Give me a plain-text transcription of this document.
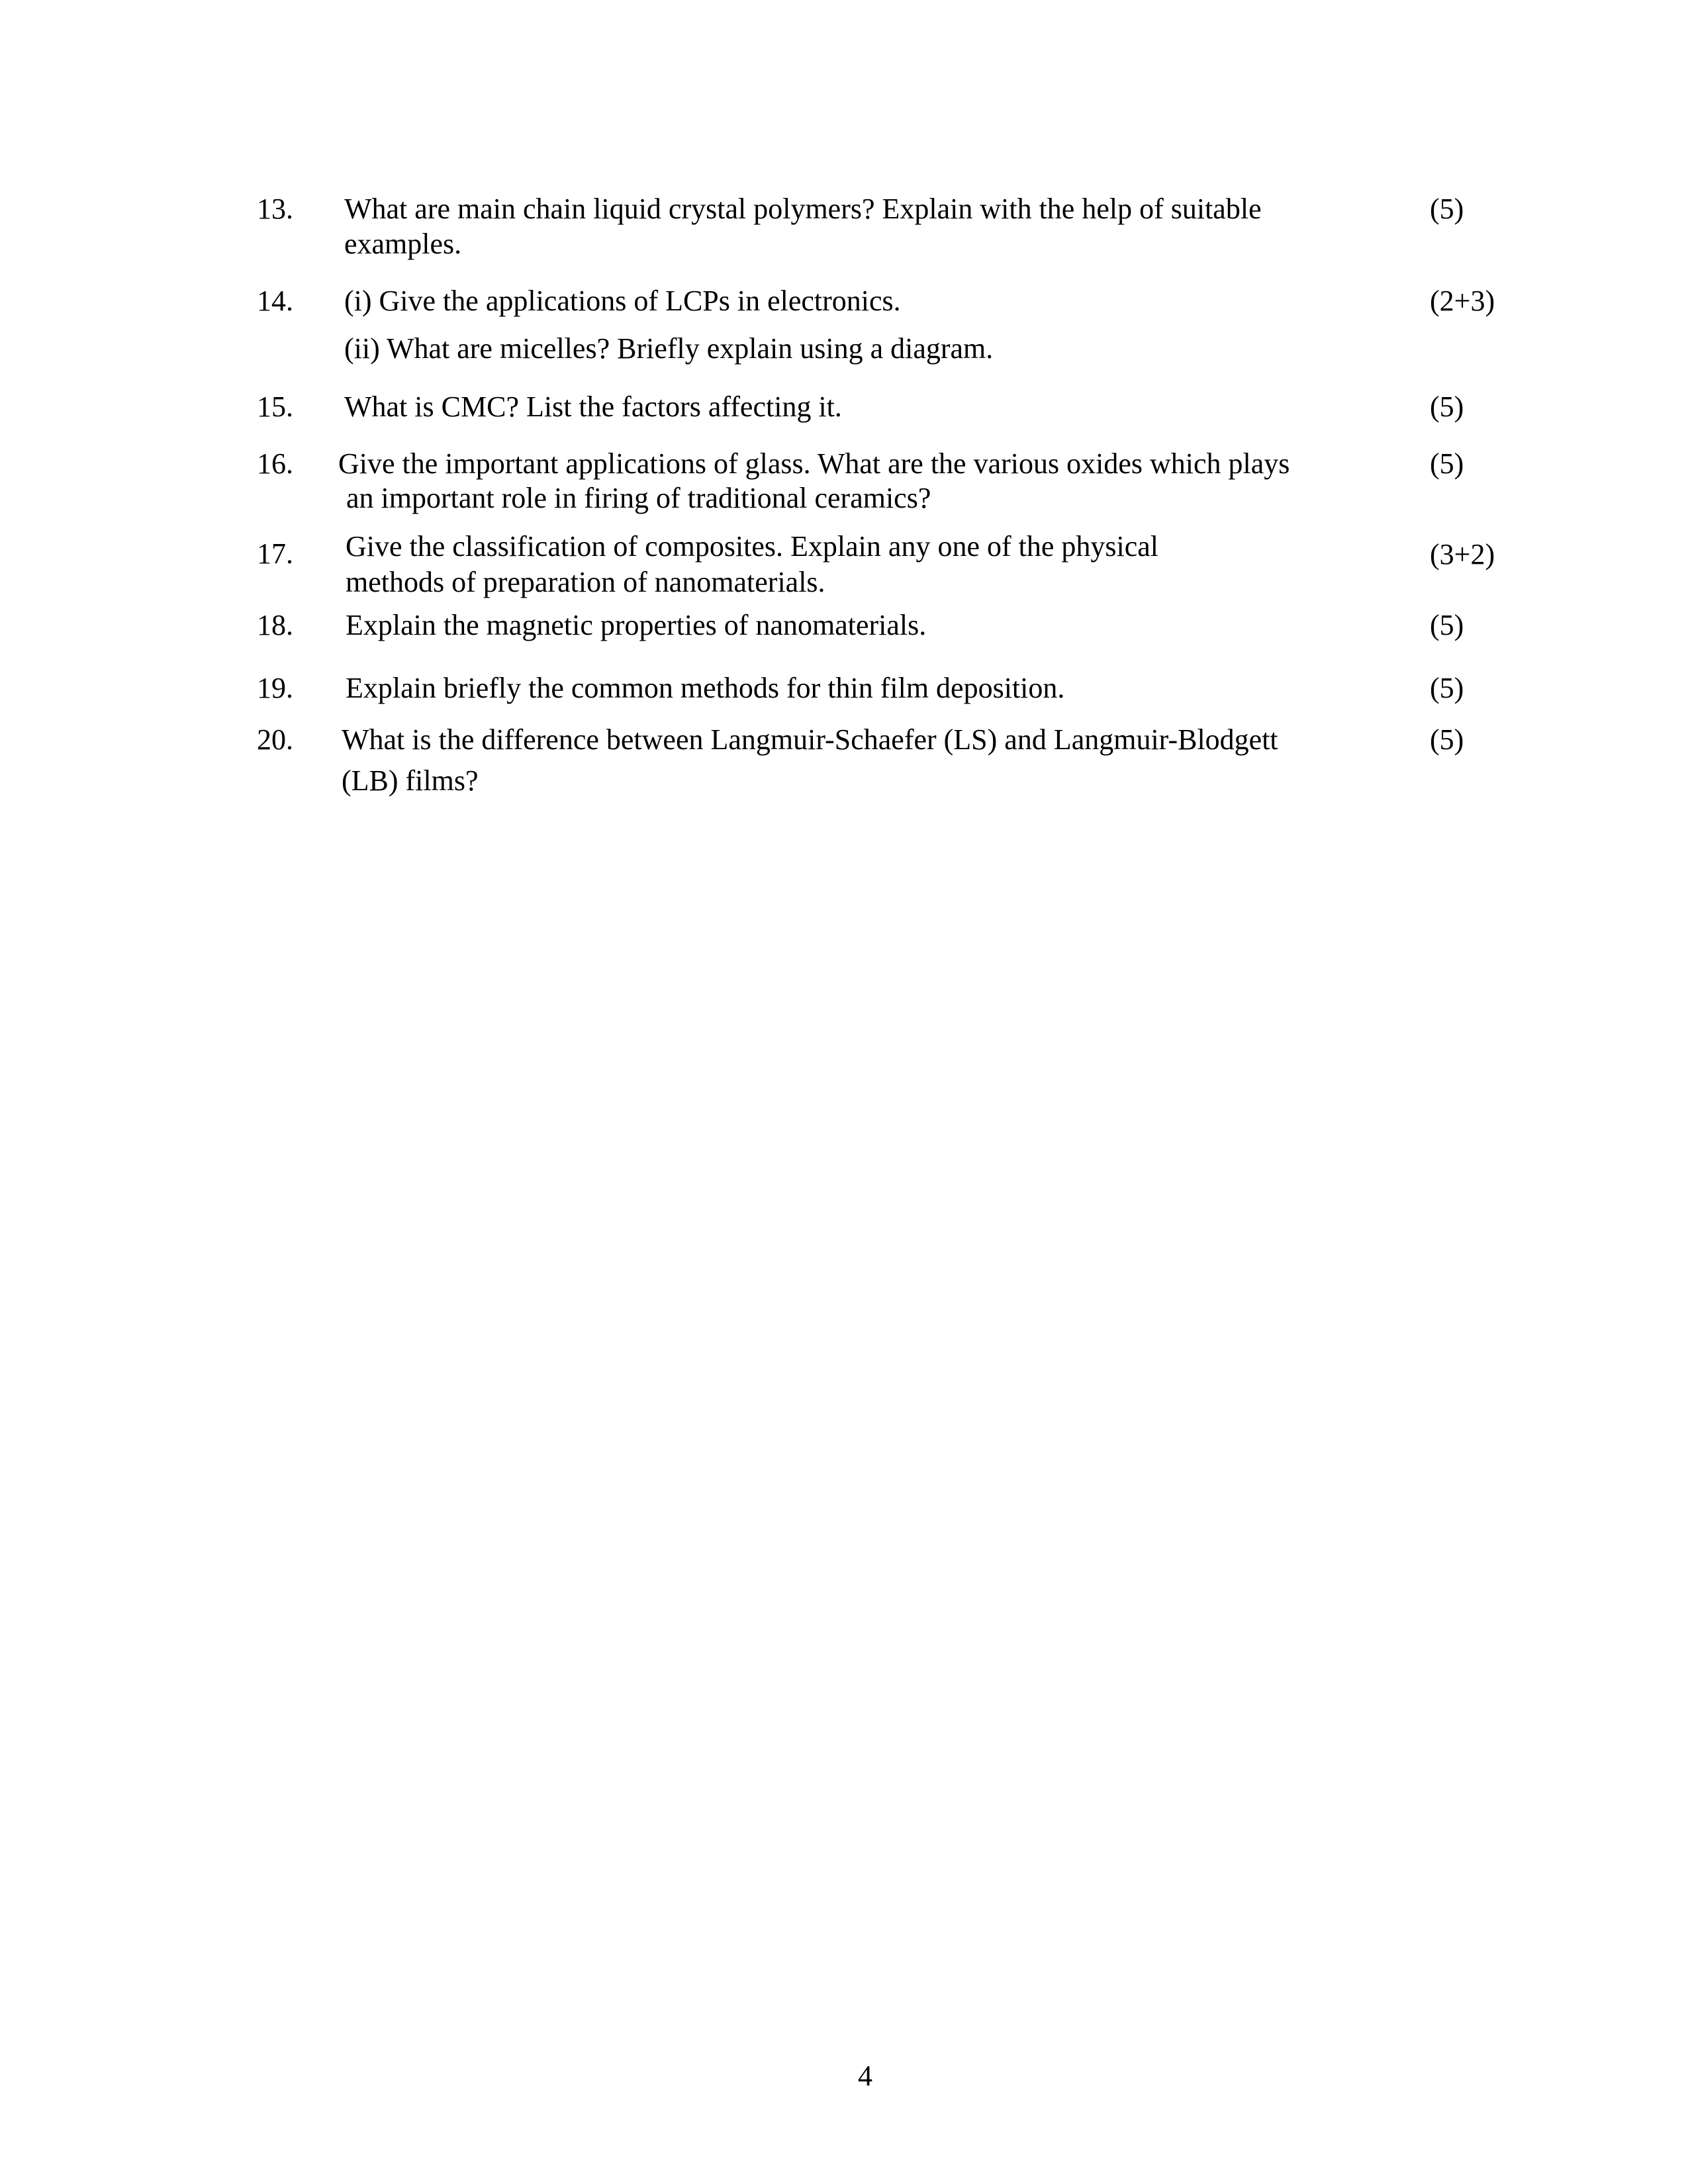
13. What are main chain liquid crystal polymers? Explain with the help of suitable
examples.
(5)
14. (i) Give the applications of LCPs in electronics.
(ii) What are micelles? Briefly explain using a diagram.
(2+3)
15. What is CMC? List the factors affecting it.	(5)
16. Give the important applications of glass. What are the various oxides which plays
an important role in firing of traditional ceramics?
(5)
17. Give the classification of composites. Explain any one of the physical
methods of preparation of nanomaterials.
(3+2)
18. Explain the magnetic properties of nanomaterials.	(5)
19. Explain briefly the common methods for thin film deposition.	(5)
20. What is the difference between Langmuir-Schaefer (LS) and Langmuir-Blodgett
(LB) films?
(5)
4
